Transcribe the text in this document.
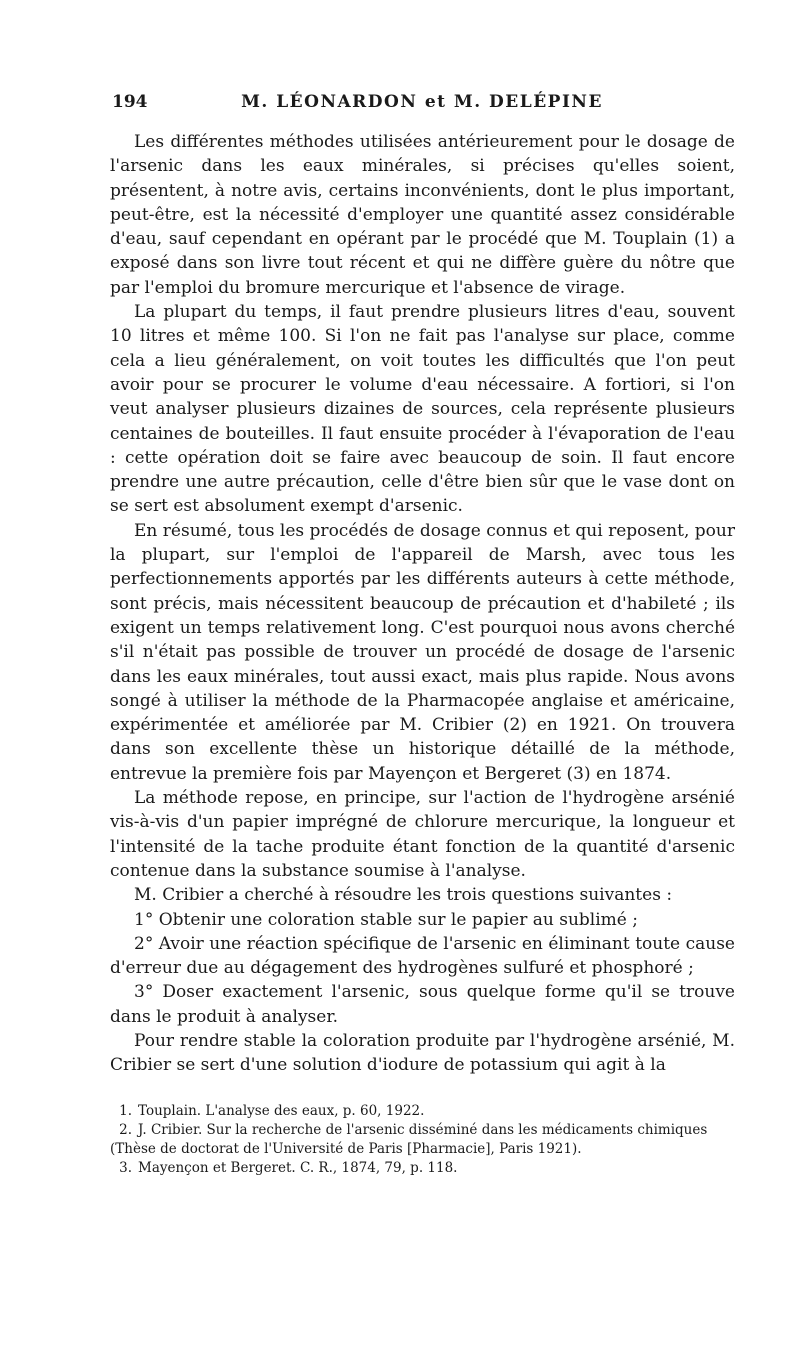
194	M. LÉONARDON et M. DELÉPINE

Les différentes méthodes utilisées antérieurement pour le dosage de l'arsenic dans les eaux minérales, si précises qu'elles soient, présentent, à notre avis, certains inconvénients, dont le plus important, peut-être, est la nécessité d'employer une quantité assez considérable d'eau, sauf cependant en opérant par le procédé que M. Touplain (1) a exposé dans son livre tout récent et qui ne diffère guère du nôtre que par l'emploi du bromure mercurique et l'absence de virage.

La plupart du temps, il faut prendre plusieurs litres d'eau, souvent 10 litres et même 100. Si l'on ne fait pas l'analyse sur place, comme cela a lieu généralement, on voit toutes les difficultés que l'on peut avoir pour se procurer le volume d'eau nécessaire. A fortiori, si l'on veut analyser plusieurs dizaines de sources, cela représente plusieurs centaines de bouteilles. Il faut ensuite procéder à l'évaporation de l'eau : cette opération doit se faire avec beaucoup de soin. Il faut encore prendre une autre précaution, celle d'être bien sûr que le vase dont on se sert est absolument exempt d'arsenic.

En résumé, tous les procédés de dosage connus et qui reposent, pour la plupart, sur l'emploi de l'appareil de Marsh, avec tous les perfectionnements apportés par les différents auteurs à cette méthode, sont précis, mais nécessitent beaucoup de précaution et d'habileté ; ils exigent un temps relativement long. C'est pourquoi nous avons cherché s'il n'était pas possible de trouver un procédé de dosage de l'arsenic dans les eaux minérales, tout aussi exact, mais plus rapide. Nous avons songé à utiliser la méthode de la Pharmacopée anglaise et américaine, expérimentée et améliorée par M. Cribier (2) en 1921. On trouvera dans son excellente thèse un historique détaillé de la méthode, entrevue la première fois par Mayençon et Bergeret (3) en 1874.

La méthode repose, en principe, sur l'action de l'hydrogène arsénié vis-à-vis d'un papier imprégné de chlorure mercurique, la longueur et l'intensité de la tache produite étant fonction de la quantité d'arsenic contenue dans la substance soumise à l'analyse.

M. Cribier a cherché à résoudre les trois questions suivantes :

1° Obtenir une coloration stable sur le papier au sublimé ;

2° Avoir une réaction spécifique de l'arsenic en éliminant toute cause d'erreur due au dégagement des hydrogènes sulfuré et phosphoré ;

3° Doser exactement l'arsenic, sous quelque forme qu'il se trouve dans le produit à analyser.

Pour rendre stable la coloration produite par l'hydrogène arsénié, M. Cribier se sert d'une solution d'iodure de potassium qui agit à la

1. Touplain. L'analyse des eaux, p. 60, 1922.

2. J. Cribier. Sur la recherche de l'arsenic disséminé dans les médicaments chimiques (Thèse de doctorat de l'Université de Paris [Pharmacie], Paris 1921).

3. Mayençon et Bergeret. C. R., 1874, 79, p. 118.
